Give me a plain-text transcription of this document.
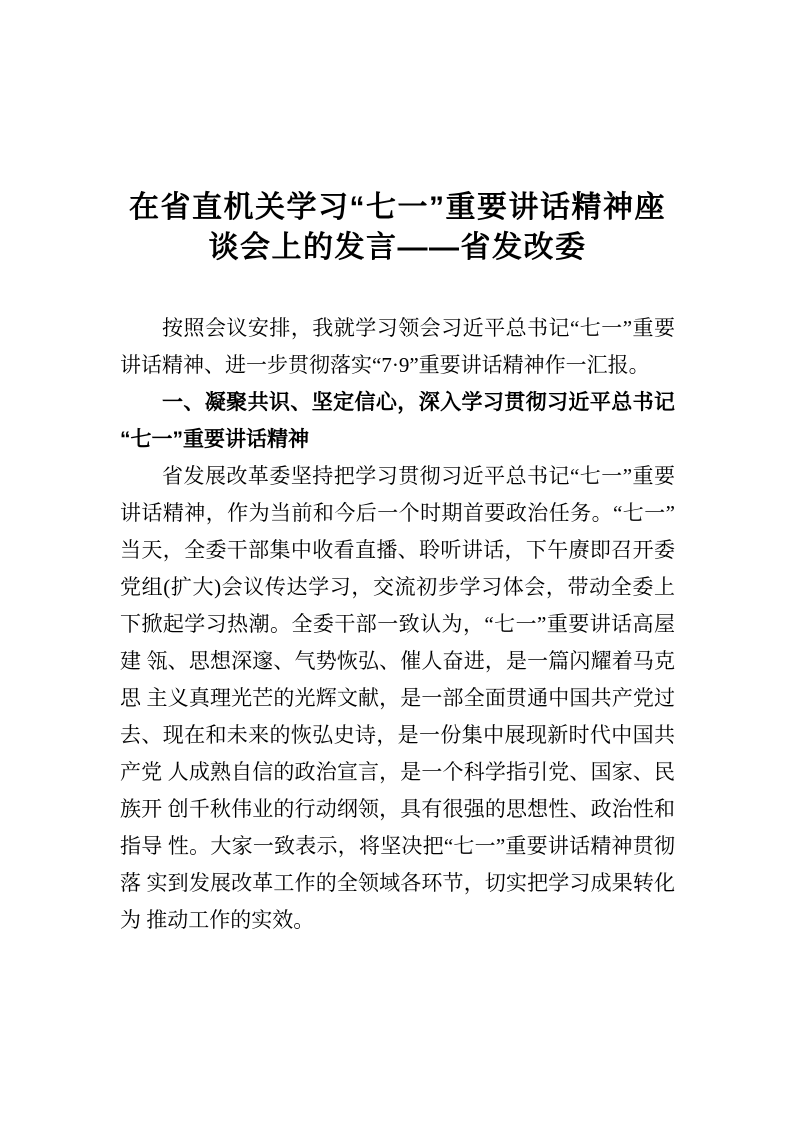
在省直机关学习“七一”重要讲话精神座
谈会上的发言——省发改委

按照会议安排，我就学习领会习近平总书记“七一”重要讲话精神、进一步贯彻落实“7·9”重要讲话精神作一汇报。

一、凝聚共识、坚定信心，深入学习贯彻习近平总书记“七一”重要讲话精神

省发展改革委坚持把学习贯彻习近平总书记“七一”重要讲话精神，作为当前和今后一个时期首要政治任务。“七一”当天，全委干部集中收看直播、聆听讲话，下午赓即召开委 党组(扩大)会议传达学习，交流初步学习体会，带动全委上下掀起学习热潮。全委干部一致认为，“七一”重要讲话高屋建 瓴、思想深邃、气势恢弘、催人奋进，是一篇闪耀着马克思 主义真理光芒的光辉文献，是一部全面贯通中国共产党过去、现在和未来的恢弘史诗，是一份集中展现新时代中国共产党 人成熟自信的政治宣言，是一个科学指引党、国家、民族开 创千秋伟业的行动纲领，具有很强的思想性、政治性和指导 性。大家一致表示，将坚决把“七一”重要讲话精神贯彻落 实到发展改革工作的全领域各环节，切实把学习成果转化为 推动工作的实效。
